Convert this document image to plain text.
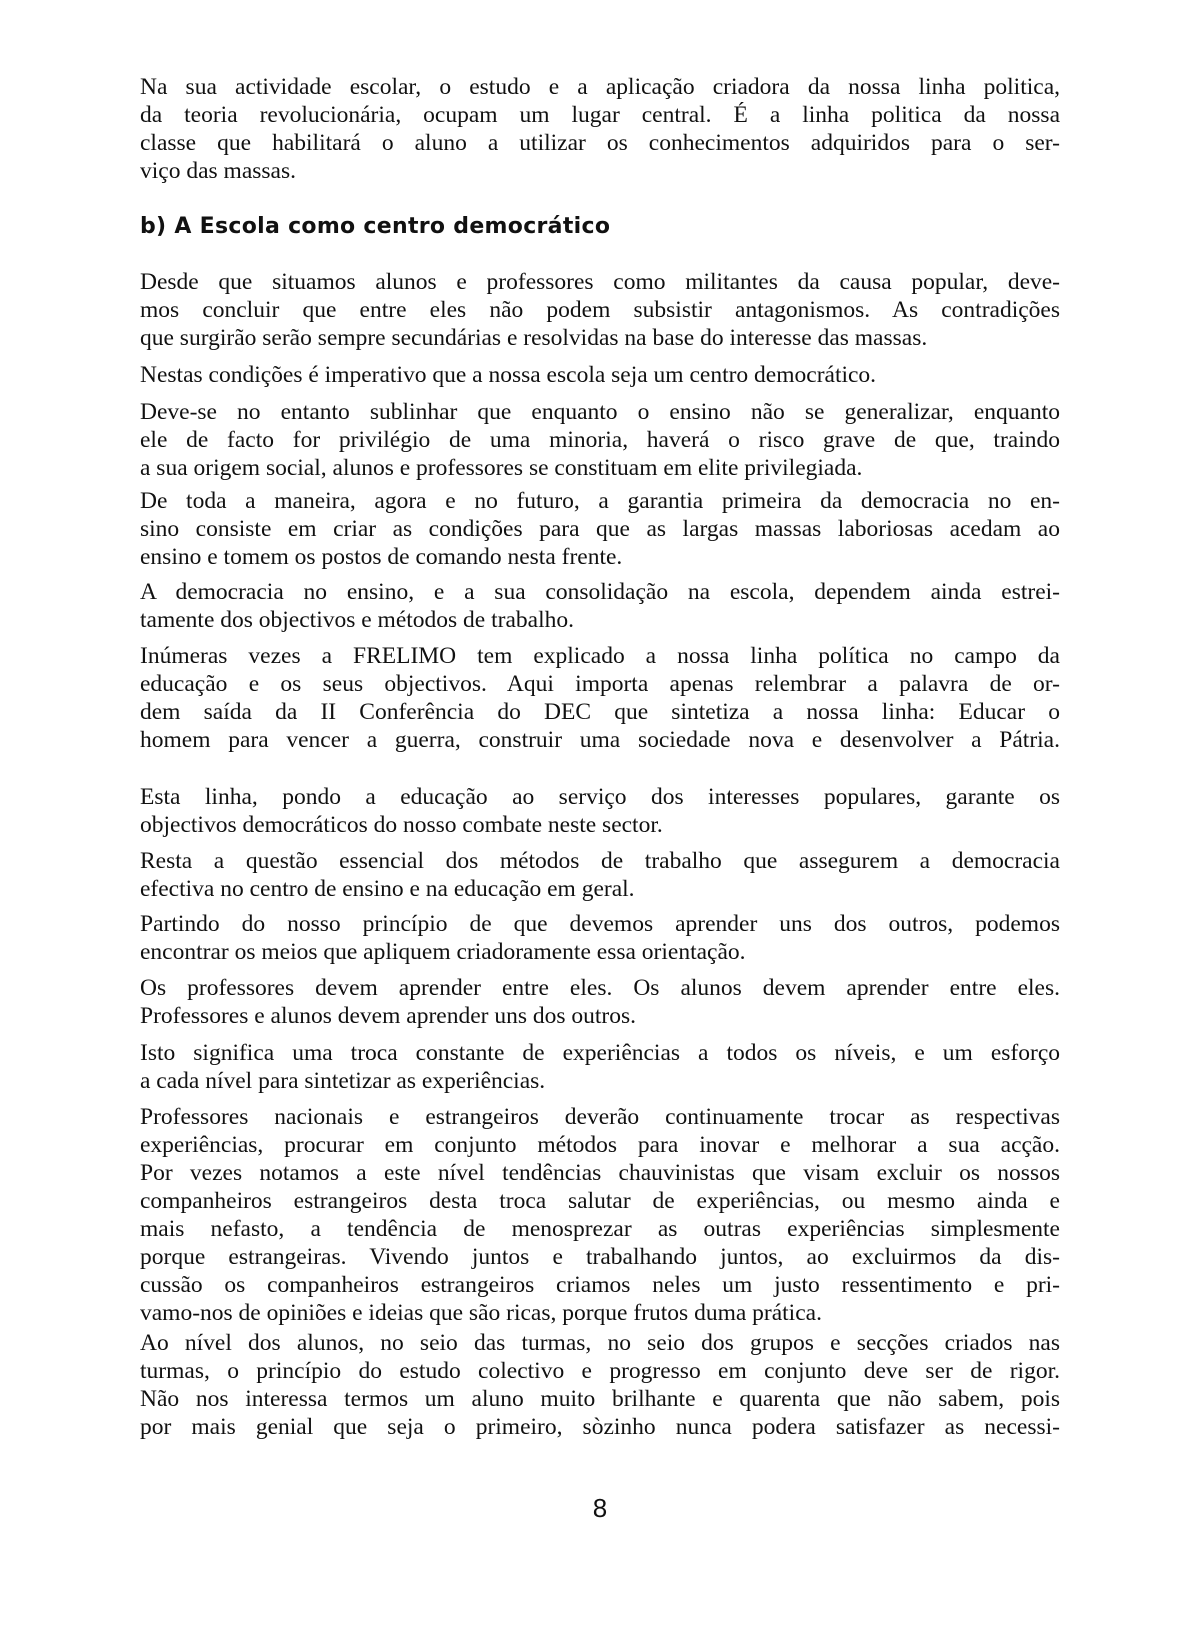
Na sua actividade escolar, o estudo e a aplicação criadora da nossa linha politica,
da teoria revolucionária, ocupam um lugar central. É a linha politica da nossa
classe que habilitará o aluno a utilizar os conhecimentos adquiridos para o ser-
viço das massas.
b) A Escola como centro democrático
Desde que situamos alunos e professores como militantes da causa popular, deve-
mos concluir que entre eles não podem subsistir antagonismos. As contradições
que surgirão serão sempre secundárias e resolvidas na base do interesse das massas.
Nestas condições é imperativo que a nossa escola seja um centro democrático.
Deve-se no entanto sublinhar que enquanto o ensino não se generalizar, enquanto
ele de facto for privilégio de uma minoria, haverá o risco grave de que, traindo
a sua origem social, alunos e professores se constituam em elite privilegiada.
De toda a maneira, agora e no futuro, a garantia primeira da democracia no en-
sino consiste em criar as condições para que as largas massas laboriosas acedam ao
ensino e tomem os postos de comando nesta frente.
A democracia no ensino, e a sua consolidação na escola, dependem ainda estrei-
tamente dos objectivos e métodos de trabalho.
Inúmeras vezes a FRELIMO tem explicado a nossa linha política no campo da
educação e os seus objectivos. Aqui importa apenas relembrar a palavra de or-
dem saída da II Conferência do DEC que sintetiza a nossa linha: Educar o
homem para vencer a guerra, construir uma sociedade nova e desenvolver a Pátria.
Esta linha, pondo a educação ao serviço dos interesses populares, garante os
objectivos democráticos do nosso combate neste sector.
Resta a questão essencial dos métodos de trabalho que assegurem a democracia
efectiva no centro de ensino e na educação em geral.
Partindo do nosso princípio de que devemos aprender uns dos outros, podemos
encontrar os meios que apliquem criadoramente essa orientação.
Os professores devem aprender entre eles. Os alunos devem aprender entre eles.
Professores e alunos devem aprender uns dos outros.
Isto significa uma troca constante de experiências a todos os níveis, e um esforço
a cada nível para sintetizar as experiências.
Professores nacionais e estrangeiros deverão continuamente trocar as respectivas
experiências, procurar em conjunto métodos para inovar e melhorar a sua acção.
Por vezes notamos a este nível tendências chauvinistas que visam excluir os nossos
companheiros estrangeiros desta troca salutar de experiências, ou mesmo ainda e
mais nefasto, a tendência de menosprezar as outras experiências simplesmente
porque estrangeiras. Vivendo juntos e trabalhando juntos, ao excluirmos da dis-
cussão os companheiros estrangeiros criamos neles um justo ressentimento e pri-
vamo-nos de opiniões e ideias que são ricas, porque frutos duma prática.
Ao nível dos alunos, no seio das turmas, no seio dos grupos e secções criados nas
turmas, o princípio do estudo colectivo e progresso em conjunto deve ser de rigor.
Não nos interessa termos um aluno muito brilhante e quarenta que não sabem, pois
por mais genial que seja o primeiro, sòzinho nunca podera satisfazer as necessi-
8
